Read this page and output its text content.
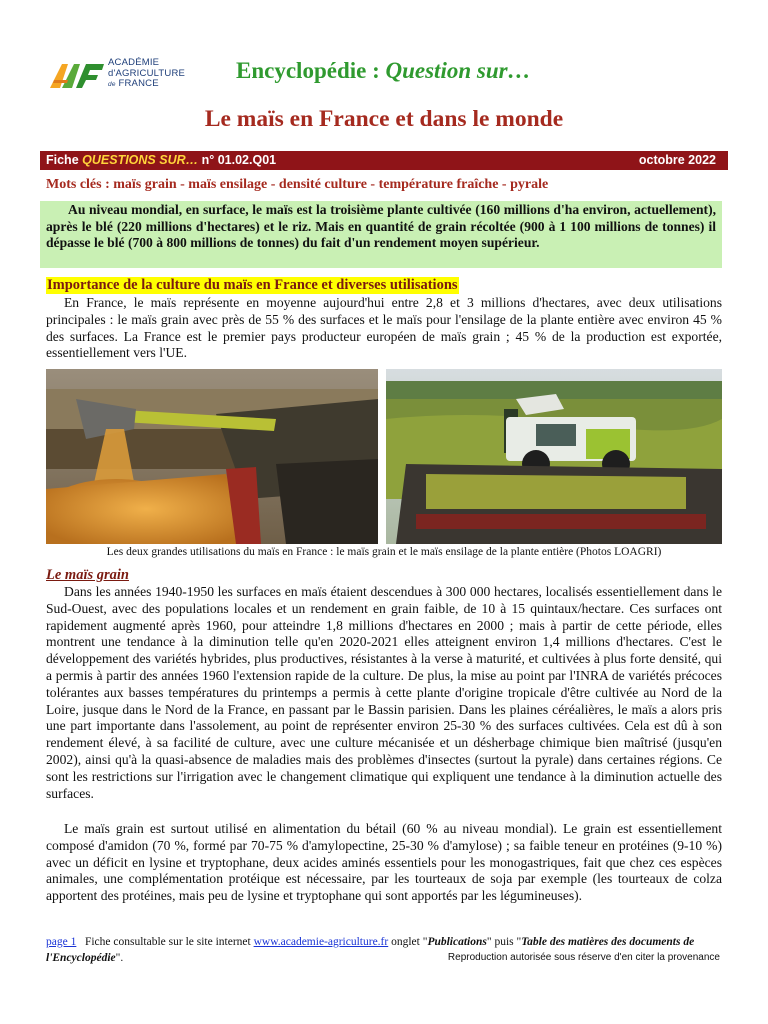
ACADÉMIE
d'AGRICULTURE
de FRANCE
Encyclopédie : Question sur…
Le maïs en France et dans le monde
Fiche QUESTIONS SUR… n° 01.02.Q01	octobre 2022
Mots clés : maïs grain - maïs ensilage - densité culture - température fraîche - pyrale

Au niveau mondial, en surface, le maïs est la troisième plante cultivée (160 millions d'ha environ, actuellement), après le blé (220 millions d'hectares) et le riz. Mais en quantité de grain récoltée (900 à 1 100 millions de tonnes) il dépasse le blé (700 à 800 millions de tonnes) du fait d'un rendement moyen supérieur.

Importance de la culture du maïs en France et diverses utilisations

En France, le maïs représente en moyenne aujourd'hui entre 2,8 et 3 millions d'hectares, avec deux utilisations principales : le maïs grain avec près de 55 % des surfaces et le maïs pour l'ensilage de la plante entière avec environ 45 % des surfaces. La France est le premier pays producteur européen de maïs grain ; 45 % de la production est exportée, essentiellement vers l'UE.

Les deux grandes utilisations du maïs en France : le maïs grain et le maïs ensilage de la plante entière (Photos LOAGRI)
Le maïs grain

Dans les années 1940-1950 les surfaces en maïs étaient descendues à 300 000 hectares, localisés essentiellement dans le Sud-Ouest, avec des populations locales et un rendement en grain faible, de 10 à 15 quintaux/hectare. Ces surfaces ont rapidement augmenté après 1960, pour atteindre 1,8 millions d'hectares en 2000 ; mais à partir de cette période, elles montrent une tendance à la diminution telle qu'en 2020-2021 elles atteignent environ 1,4 millions d'hectares. C'est le développement des variétés hybrides, plus productives, résistantes à la verse à maturité, et cultivées à plus forte densité, qui a permis à partir des années 1960 l'extension rapide de la culture. De plus, la mise au point par l'INRA de variétés précoces tolérantes aux basses températures du printemps a permis à cette plante d'origine tropicale d'être cultivée au Nord de la Loire, jusque dans le Nord de la France, en passant par le Bassin parisien. Dans les plaines céréalières, le maïs a alors pris une part importante dans l'assolement, au point de représenter environ 25-30 % des surfaces cultivées. Cela est dû à son rendement élevé, à sa facilité de culture, avec une culture mécanisée et un désherbage chimique bien maîtrisé (jusqu'en 2002), ainsi qu'à la quasi-absence de maladies mais des problèmes d'insectes (surtout la pyrale) dans certaines régions. Ce sont les restrictions sur l'irrigation avec le changement climatique qui expliquent une tendance à la diminution actuelle des surfaces.

Le maïs grain est surtout utilisé en alimentation du bétail (60 % au niveau mondial). Le grain est essentiellement composé d'amidon (70 %, formé par 70-75 % d'amylopectine, 25-30 % d'amylose) ; sa faible teneur en protéines (9-10 %) avec un déficit en lysine et tryptophane, deux acides aminés essentiels pour les monogastriques, fait que chez ces espèces animales, une complémentation protéique est nécessaire, par les tourteaux de soja par exemple (les tourteaux de colza apportent des protéines, mais peu de lysine et tryptophane qui sont apportés par les légumineuses).

page 1 Fiche consultable sur le site internet www.academie-agriculture.fr onglet "Publications" puis "Table des matières des documents de l'Encyclopédie".	Reproduction autorisée sous réserve d'en citer la provenance
